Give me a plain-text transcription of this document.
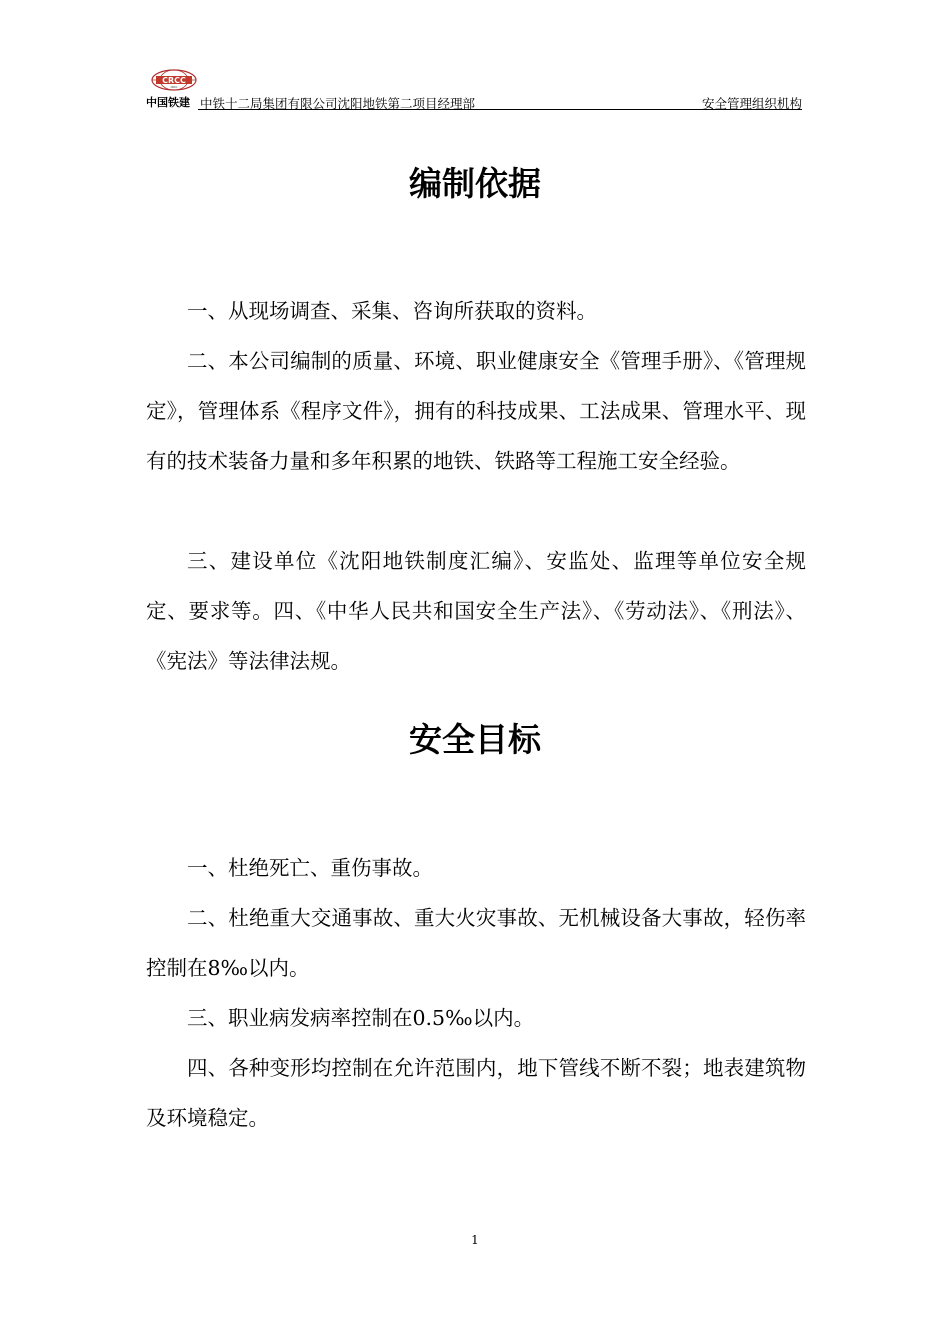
CRCC
CRCC
中国铁建 中铁十二局集团有限公司沈阳地铁第二项目经理部	安全管理组织机构
编制依据
一、从现场调查、采集、咨询所获取的资料。
二、本公司编制的质量、环境、职业健康安全《管理手册》、《管理规定》，管理体系《程序文件》，拥有的科技成果、工法成果、管理水平、现有的技术装备力量和多年积累的地铁、铁路等工程施工安全经验。
三、建设单位《沈阳地铁制度汇编》、安监处、监理等单位安全规定、要求等。四、《中华人民共和国安全生产法》、《劳动法》、《刑法》、《宪法》等法律法规。
安全目标
一、杜绝死亡、重伤事故。
二、杜绝重大交通事故、重大火灾事故、无机械设备大事故，轻伤率控制在8‰以内。
三、职业病发病率控制在0.5‰以内。
四、各种变形均控制在允许范围内，地下管线不断不裂；地表建筑物及环境稳定。
1
